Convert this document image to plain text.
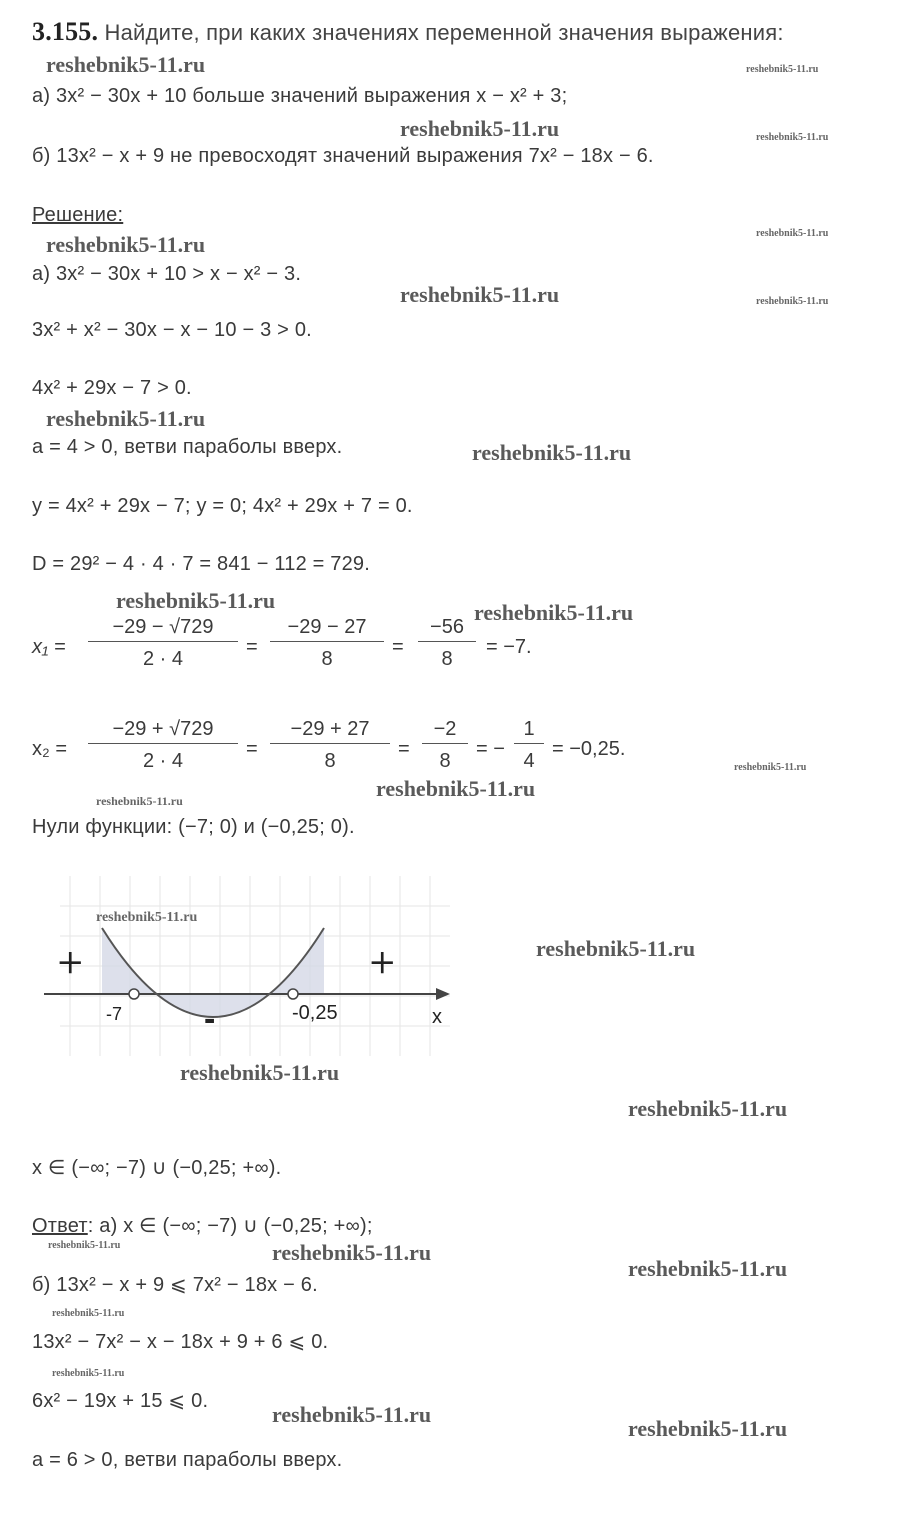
3.155. Найдите, при каких значениях переменной значения выражения:
а) 3x² − 30x + 10 больше значений выражения x − x² + 3;
б) 13x² − x + 9 не превосходят значений выражения 7x² − 18x − 6.
Решение:
а) 3x² − 30x + 10 > x − x² − 3.
3x² + x² − 30x − x − 10 − 3 > 0.
4x² + 29x − 7 > 0.
a = 4 > 0, ветви параболы вверх.
y = 4x² + 29x − 7; y = 0; 4x² + 29x + 7 = 0.
D = 29² − 4 · 4 · 7 = 841 − 112 = 729.
$x_1 = \frac{-29 - √729}{2 \cdot 4} = \frac{-29 - 27}{8} = \frac{-56}{8} = -7$.
$x_2 = \frac{-29 + √729}{2 \cdot 4} = \frac{-29 + 27}{8} = \frac{-2}{8}$ = − $\frac{1}{4} = -0,25$.
Нули функции: (−7; 0) и (−0,25; 0).
+	+
-
-7	-0,25	x
x ∈ (−∞; −7) ∪ (−0,25; +∞).
Ответ: а) x ∈ (−∞; −7) ∪ (−0,25; +∞);
б) 13x² − x + 9 ⩽ 7x² − 18x − 6.
13x² − 7x² − x − 18x + 9 + 6 ⩽ 0.
6x² − 19x + 15 ⩽ 0.
a = 6 > 0, ветви параболы вверх.
reshebnik5-11.ru	reshebnik5-11.ru
reshebnik5-11.ru	reshebnik5-11.ru
reshebnik5-11.ru	reshebnik5-11.ru
reshebnik5-11.ru	reshebnik5-11.ru
reshebnik5-11.ru
reshebnik5-11.ru
reshebnik5-11.ru	reshebnik5-11.ru
reshebnik5-11.ru
reshebnik5-11.ru
reshebnik5-11.ru
reshebnik5-11.ru
reshebnik5-11.ru
reshebnik5-11.ru
reshebnik5-11.ru
reshebnik5-11.ru	reshebnik5-11.ru
reshebnik5-11.ru
reshebnik5-11.ru
reshebnik5-11.ru
reshebnik5-11.ru
reshebnik5-11.ru
